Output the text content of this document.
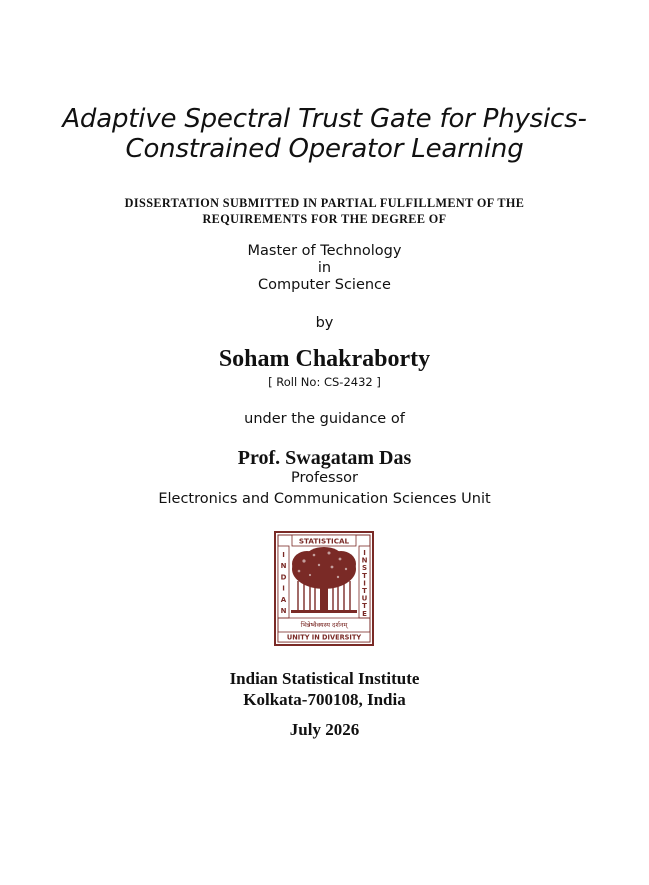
Adaptive Spectral Trust Gate for Physics-
Constrained Operator Learning
DISSERTATION SUBMITTED IN PARTIAL FULFILLMENT OF THE
REQUIREMENTS FOR THE DEGREE OF
Master of Technology
in
Computer Science
by
Soham Chakraborty
[ Roll No: CS-2432 ]
under the guidance of
Prof. Swagatam Das
Professor
Electronics and Communication Sciences Unit
STATISTICAL
I N D I A N
I N S T I T U T E
भिन्नेष्वैक्यस्य दर्शनम्
UNITY IN DIVERSITY
Indian Statistical Institute
Kolkata-700108, India
July 2026
